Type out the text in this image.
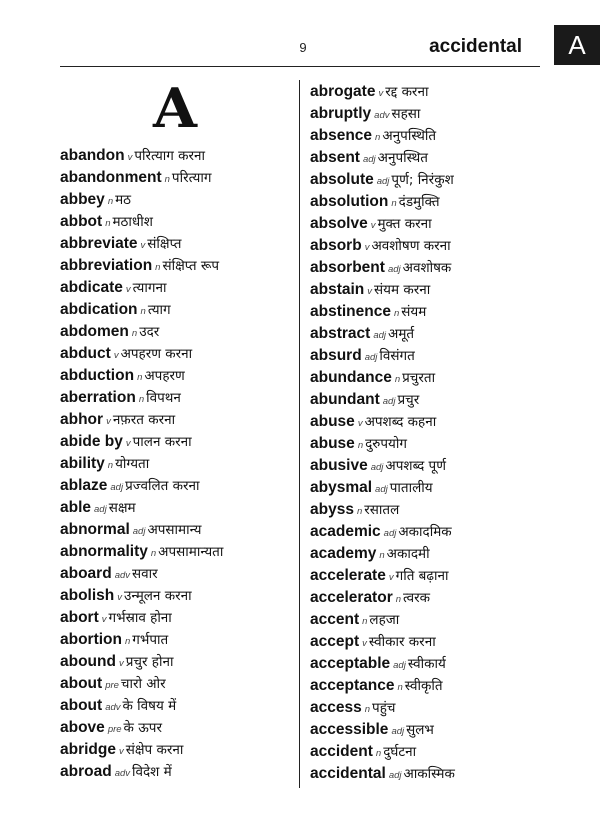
9	accidental	A
A
abandon v परित्याग करना
abandonment n परित्याग
abbey n मठ
abbot n मठाधीश
abbreviate v संक्षिप्त
abbreviation n संक्षिप्त रूप
abdicate v त्यागना
abdication n त्याग
abdomen n उदर
abduct v अपहरण करना
abduction n अपहरण
aberration n विपथन
abhor v नफ़रत करना
abide by v पालन करना
ability n योग्यता
ablaze adj प्रज्वलित करना
able adj सक्षम
abnormal adj अपसामान्य
abnormality n अपसामान्यता
aboard adv सवार
abolish v उन्मूलन करना
abort v गर्भस्राव होना
abortion n गर्भपात
abound v प्रचुर होना
about pre चारो ओर
about adv के विषय में
above pre के ऊपर
abridge v संक्षेप करना
abroad adv विदेश में
abrogate v रद्द करना
abruptly adv सहसा
absence n अनुपस्थिति
absent adj अनुपस्थित
absolute adj पूर्ण; निरंकुश
absolution n दंडमुक्ति
absolve v मुक्त करना
absorb v अवशोषण करना
absorbent adj अवशोषक
abstain v संयम करना
abstinence n संयम
abstract adj अमूर्त
absurd adj विसंगत
abundance n प्रचुरता
abundant adj प्रचुर
abuse v अपशब्द कहना
abuse n दुरुपयोग
abusive adj अपशब्द पूर्ण
abysmal adj पातालीय
abyss n रसातल
academic adj अकादमिक
academy n अकादमी
accelerate v गति बढ़ाना
accelerator n त्वरक
accent n लहजा
accept v स्वीकार करना
acceptable adj स्वीकार्य
acceptance n स्वीकृति
access n पहुंच
accessible adj सुलभ
accident n दुर्घटना
accidental adj आकस्मिक
